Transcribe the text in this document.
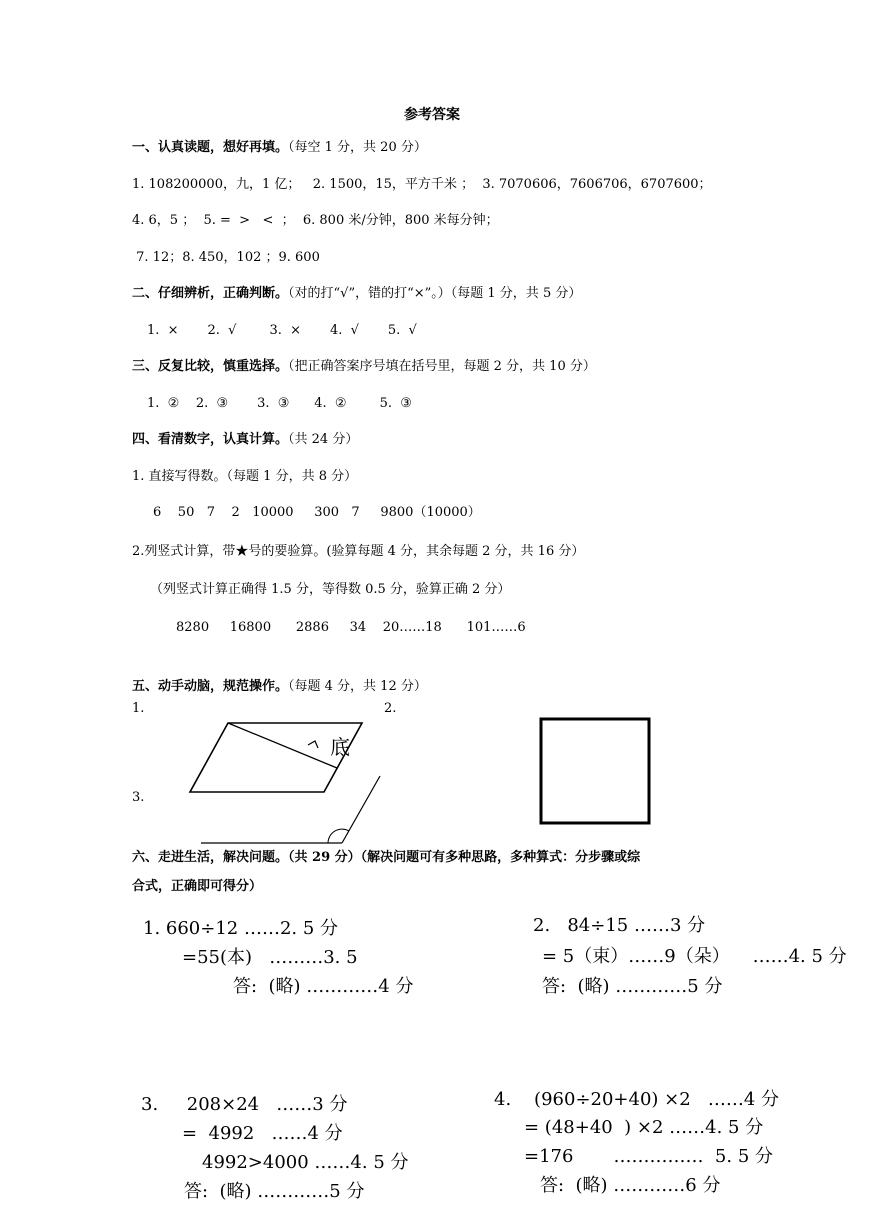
参考答案
一、认真读题，想好再填。（每空 1 分，共 20 分）
1. 108200000，九，1 亿；   2. 1500，15，平方千米 ；  3. 7070606，7606706，6707600；
4. 6，5 ；  5. =  >   <  ；  6. 800 米/分钟，800 米每分钟；
7. 12；8. 450，102 ；9. 600
二、仔细辨析，正确判断。（对的打“√”，错的打“×”。）（每题 1 分，共 5 分）
1.  ×       2.  √        3.  ×       4.  √       5.  √
三、反复比较，慎重选择。（把正确答案序号填在括号里，每题 2 分，共 10 分）
1.  ②    2.  ③       3.  ③      4.  ②        5.  ③
四、看清数字，认真计算。（共 24 分）
1. 直接写得数。（每题 1 分，共 8 分）
6    50   7    2   10000     300   7     9800（10000）
2.列竖式计算，带★号的要验算。(验算每题 4 分，其余每题 2 分，共 16 分）
（列竖式计算正确得 1.5 分，等得数 0.5 分，验算正确 2 分）
8280     16800      2886     34    20……18      101……6
五、动手动脑，规范操作。（每题 4 分，共 12 分）
1.	2.
3.
底
六、走进生活，解决问题。（共 29 分）（解决问题可有多种思路，多种算式：分步骤或综
合式，正确即可得分）
1. 660÷12 ……2. 5 分
=55(本)   ………3. 5
答:  (略) …………4 分
2.   84÷15 ……3 分
= 5（束）……9（朵）    ……4. 5 分
答:  (略) …………5 分
3.     208×24   ……3 分
=  4992   ……4 分
4992>4000 ……4. 5 分
答:  (略) …………5 分
4.    (960÷20+40) ×2   ……4 分
= (48+40  ) ×2 ……4. 5 分
=176       ……………  5. 5 分
答:  (略) …………6 分
